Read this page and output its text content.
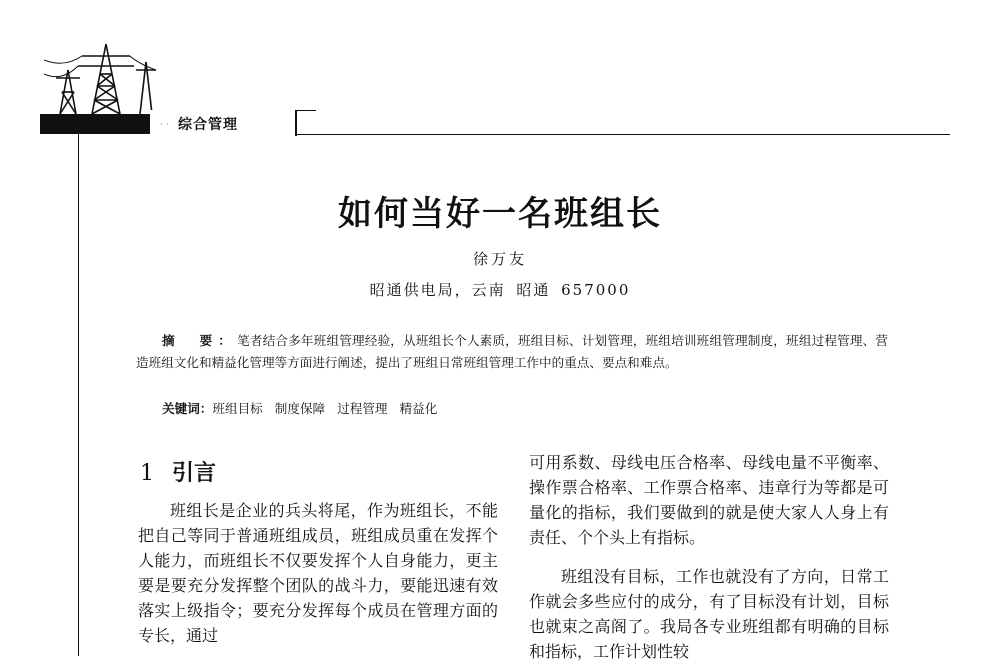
· · 综合管理
如何当好一名班组长
徐万友
昭通供电局，云南 昭通 657000
摘　要：笔者结合多年班组管理经验，从班组长个人素质，班组目标、计划管理，班组培训班组管理制度，班组过程管理、营造班组文化和精益化管理等方面进行阐述，提出了班组日常班组管理工作中的重点、要点和难点。
关键词：班组目标 制度保障 过程管理 精益化
1 引言

班组长是企业的兵头将尾，作为班组长，不能把自己等同于普通班组成员，班组成员重在发挥个人能力，而班组长不仅要发挥个人自身能力，更主要是要充分发挥整个团队的战斗力，要能迅速有效落实上级指令；要充分发挥每个成员在管理方面的专长，通过

可用系数、母线电压合格率、母线电量不平衡率、操作票合格率、工作票合格率、违章行为等都是可量化的指标，我们要做到的就是使大家人人身上有责任、个个头上有指标。

班组没有目标，工作也就没有了方向，日常工作就会多些应付的成分，有了目标没有计划，目标也就束之高阁了。我局各专业班组都有明确的目标和指标，工作计划性较
